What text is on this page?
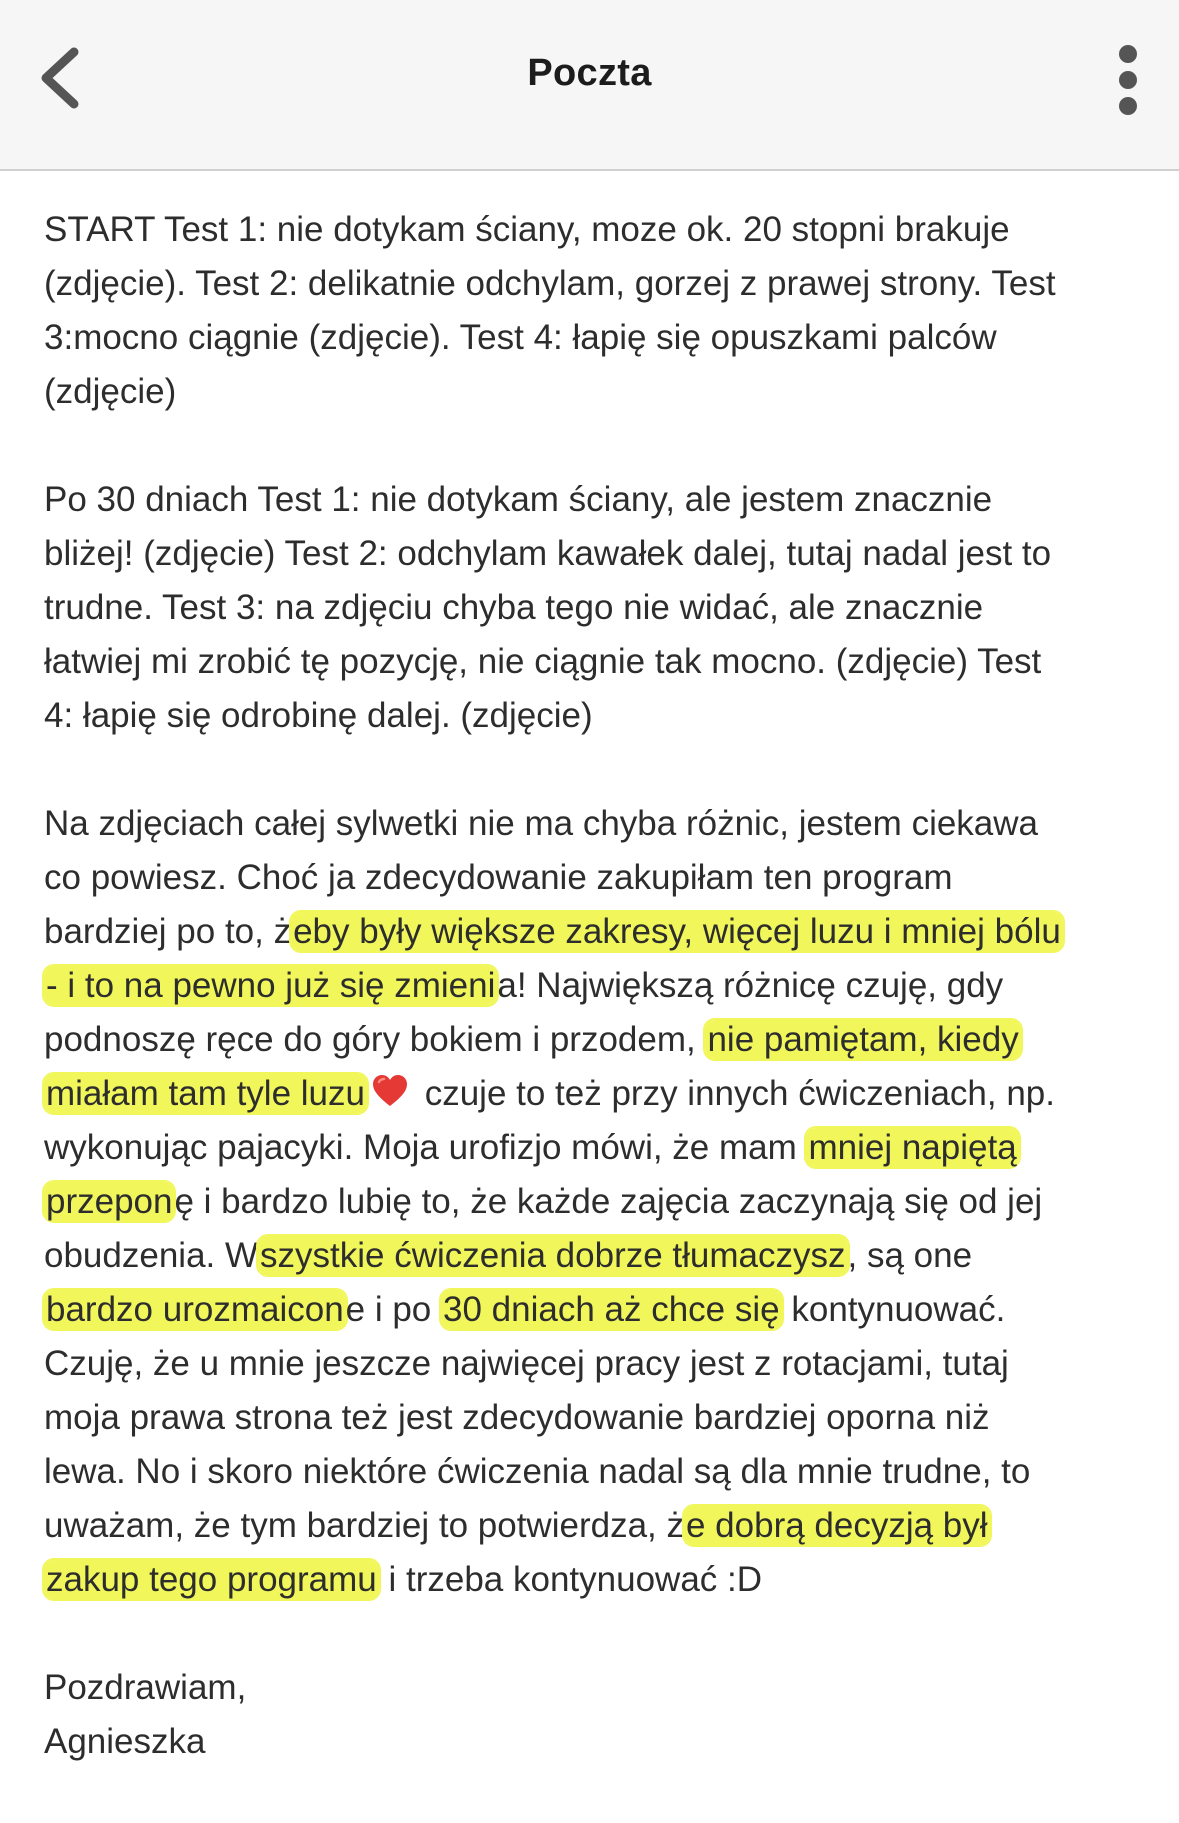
Poczta
START Test 1: nie dotykam ściany, moze ok. 20 stopni brakuje
(zdjęcie). Test 2: delikatnie odchylam, gorzej z prawej strony. Test
3:mocno ciągnie (zdjęcie). Test 4: łapię się opuszkami palców
(zdjęcie)
Po 30 dniach Test 1: nie dotykam ściany, ale jestem znacznie
bliżej! (zdjęcie) Test 2: odchylam kawałek dalej, tutaj nadal jest to
trudne. Test 3: na zdjęciu chyba tego nie widać, ale znacznie
łatwiej mi zrobić tę pozycję, nie ciągnie tak mocno. (zdjęcie) Test
4: łapię się odrobinę dalej. (zdjęcie)
Na zdjęciach całej sylwetki nie ma chyba różnic, jestem ciekawa
co powiesz. Choć ja zdecydowanie zakupiłam ten program
bardziej po to, żeby były większe zakresy, więcej luzu i mniej bólu
- i to na pewno już się zmienia! Największą różnicę czuję, gdy
podnoszę ręce do góry bokiem i przodem, nie pamiętam, kiedy
miałam tam tyle luzu czuje to też przy innych ćwiczeniach, np.
wykonując pajacyki. Moja urofizjo mówi, że mam mniej napiętą
przeponę i bardzo lubię to, że każde zajęcia zaczynają się od jej
obudzenia. Wszystkie ćwiczenia dobrze tłumaczysz, są one
bardzo urozmaicone i po 30 dniach aż chce się kontynuować.
Czuję, że u mnie jeszcze najwięcej pracy jest z rotacjami, tutaj
moja prawa strona też jest zdecydowanie bardziej oporna niż
lewa. No i skoro niektóre ćwiczenia nadal są dla mnie trudne, to
uważam, że tym bardziej to potwierdza, że dobrą decyzją był
zakup tego programu i trzeba kontynuować :D
Pozdrawiam,
Agnieszka
